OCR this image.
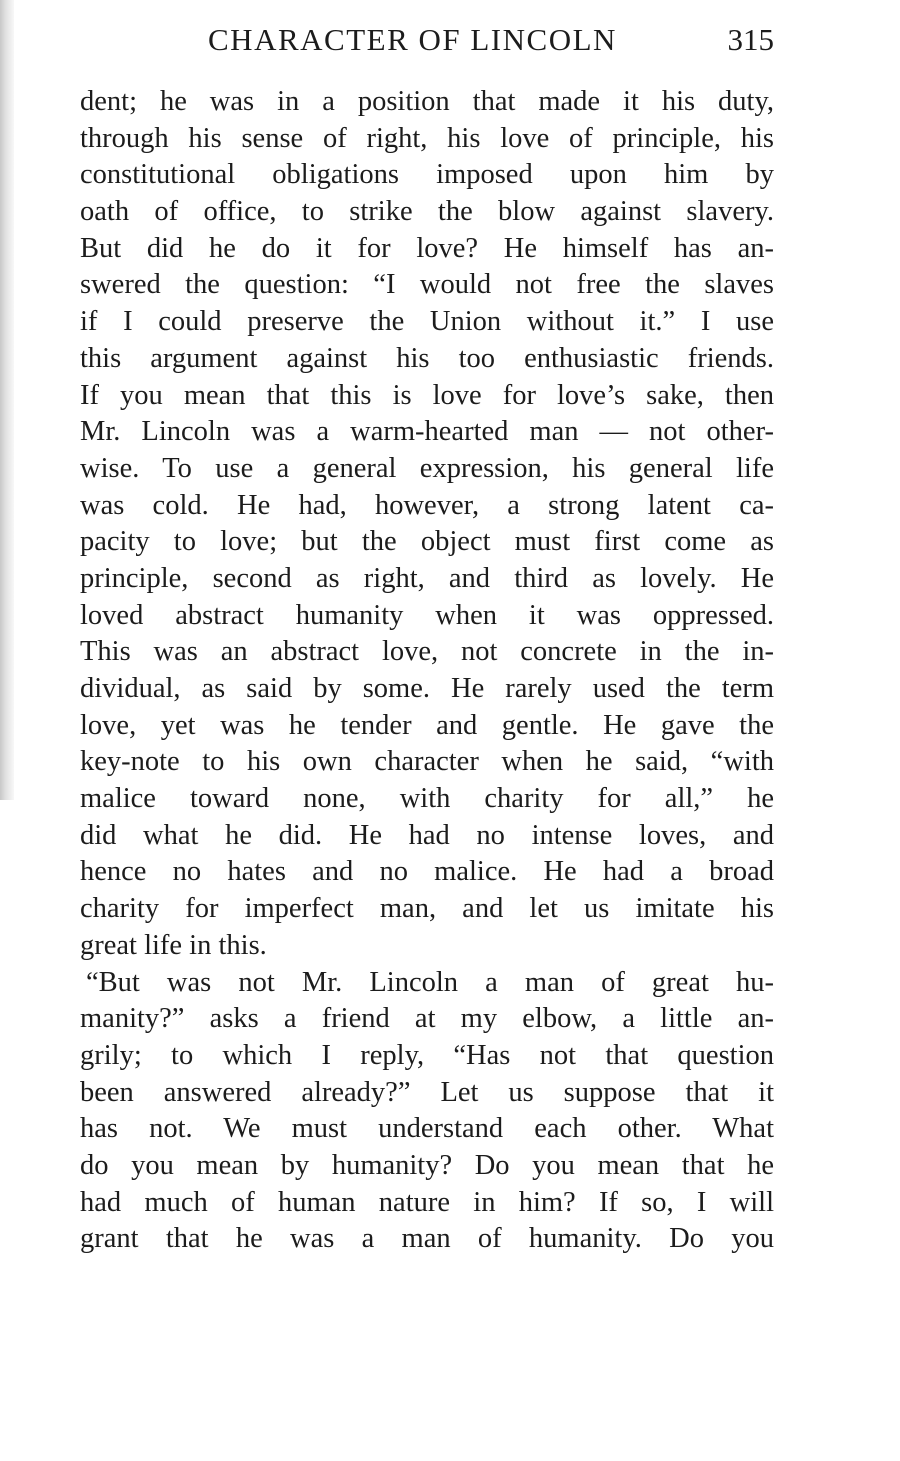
CHARACTER OF LINCOLN	315
dent; he was in a position that made it his duty,
through his sense of right, his love of principle, his
constitutional obligations imposed upon him by
oath of office, to strike the blow against slavery.
But did he do it for love? He himself has an-
swered the question: “I would not free the slaves
if I could preserve the Union without it.” I use
this argument against his too enthusiastic friends.
If you mean that this is love for love’s sake, then
Mr. Lincoln was a warm-hearted man — not other-
wise. To use a general expression, his general life
was cold. He had, however, a strong latent ca-
pacity to love; but the object must first come as
principle, second as right, and third as lovely. He
loved abstract humanity when it was oppressed.
This was an abstract love, not concrete in the in-
dividual, as said by some. He rarely used the term
love, yet was he tender and gentle. He gave the
key-note to his own character when he said, “with
malice toward none, with charity for all,” he
did what he did. He had no intense loves, and
hence no hates and no malice. He had a broad
charity for imperfect man, and let us imitate his
great life in this.
“But was not Mr. Lincoln a man of great hu-
manity?” asks a friend at my elbow, a little an-
grily; to which I reply, “Has not that question
been answered already?” Let us suppose that it
has not. We must understand each other. What
do you mean by humanity? Do you mean that he
had much of human nature in him? If so, I will
grant that he was a man of humanity. Do you
